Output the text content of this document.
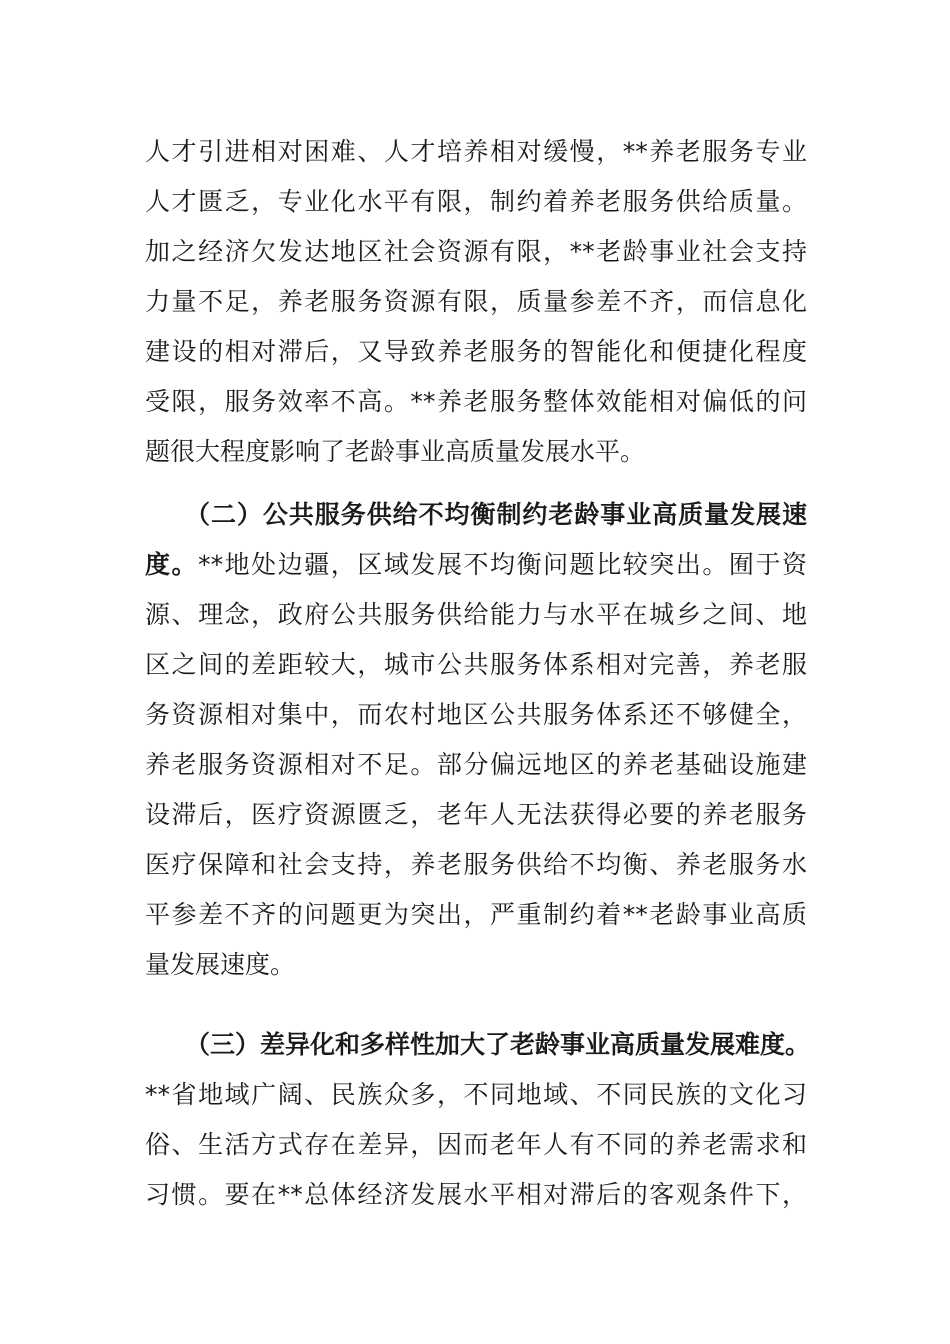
人才引进相对困难、人才培养相对缓慢，**养老服务专业
人才匮乏，专业化水平有限，制约着养老服务供给质量。
加之经济欠发达地区社会资源有限，**老龄事业社会支持
力量不足，养老服务资源有限，质量参差不齐，而信息化
建设的相对滞后，又导致养老服务的智能化和便捷化程度
受限，服务效率不高。**养老服务整体效能相对偏低的问
题很大程度影响了老龄事业高质量发展水平。
（二）公共服务供给不均衡制约老龄事业高质量发展速
度。**地处边疆，区域发展不均衡问题比较突出。囿于资
源、理念，政府公共服务供给能力与水平在城乡之间、地
区之间的差距较大，城市公共服务体系相对完善，养老服
务资源相对集中，而农村地区公共服务体系还不够健全，
养老服务资源相对不足。部分偏远地区的养老基础设施建
设滞后，医疗资源匮乏，老年人无法获得必要的养老服务
医疗保障和社会支持，养老服务供给不均衡、养老服务水
平参差不齐的问题更为突出，严重制约着**老龄事业高质
量发展速度。
（三）差异化和多样性加大了老龄事业高质量发展难度。
**省地域广阔、民族众多，不同地域、不同民族的文化习
俗、生活方式存在差异，因而老年人有不同的养老需求和
习惯。要在**总体经济发展水平相对滞后的客观条件下，
